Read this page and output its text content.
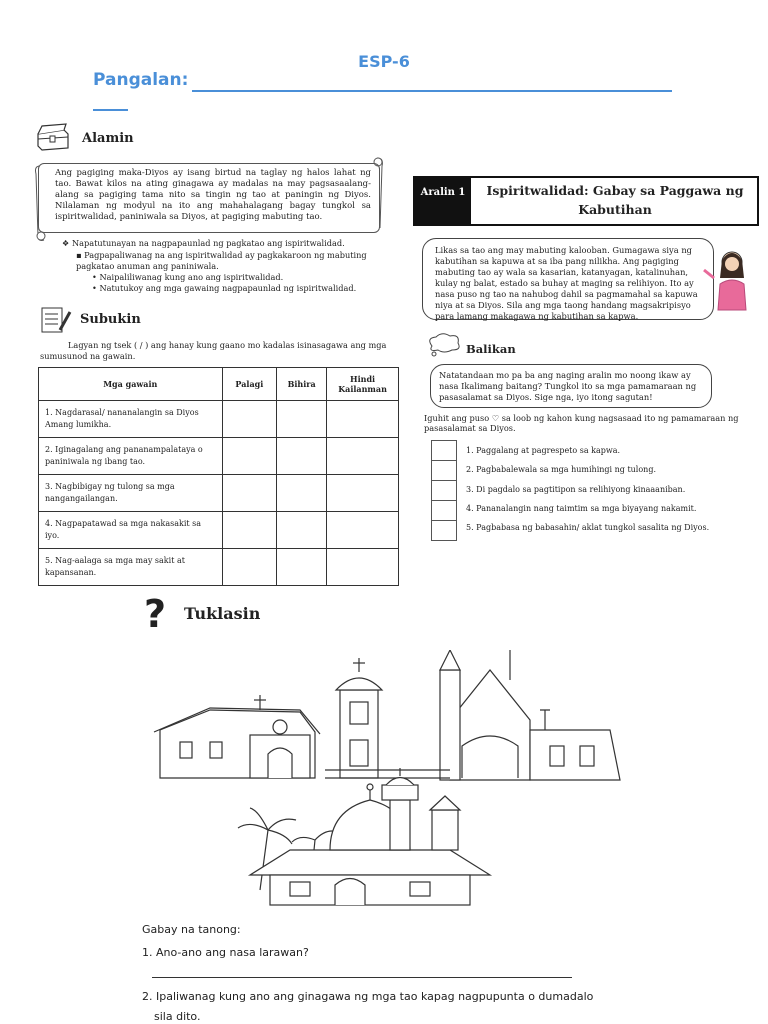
ESP-6
Pangalan:
Alamin
Ang pagiging maka-Diyos ay isang birtud na taglay ng halos lahat ng tao. Bawat kilos na ating ginagawa ay madalas na may pagsasaalang-alang sa pagiging tama nito sa tingin ng tao at paningin ng Diyos. Nilalaman ng modyul na ito ang mahahalagang bagay tungkol sa ispiritwalidad, paniniwala sa Diyos, at pagiging mabuting tao.
❖ Napatutunayan na nagpapaunlad ng pagkatao ang ispiritwalidad.
▪ Pagpapaliwanag na ang ispiritwalidad ay pagkakaroon ng mabuting pagkatao anuman ang paniniwala.
• Naipaliliwanag kung ano ang ispiritwalidad.
• Natutukoy ang mga gawaing nagpapaunlad ng ispiritwalidad.
Subukin
Lagyan ng tsek ( / ) ang hanay kung gaano mo kadalas isinasagawa ang mga sumusunod na gawain.
Mga gawain	Palagi	Bihira	Hindi Kailanman
1. Nagdarasal/ nananalangin sa Diyos Amang lumikha.			
2. Iginagalang ang pananampalataya o paniniwala ng ibang tao.			
3. Nagbibigay ng tulong sa mga nangangailangan.			
4. Nagpapatawad sa mga nakasakit sa iyo.			
5. Nag-aalaga sa mga may sakit at kapansanan.			
Aralin 1	Ispiritwalidad: Gabay sa Paggawa ng Kabutihan
Likas sa tao ang may mabuting kalooban. Gumagawa siya ng kabutihan sa kapuwa at sa iba pang nilikha. Ang pagiging mabuting tao ay wala sa kasarian, katanyagan, katalinuhan, kulay ng balat, estado sa buhay at maging sa relihiyon. Ito ay nasa puso ng tao na nahubog dahil sa pagmamahal sa kapuwa niya at sa Diyos. Sila ang mga taong handang magsakripisyo para lamang makagawa ng kabutihan sa kapwa.
Balikan
Natatandaan mo pa ba ang naging aralin mo noong ikaw ay nasa Ikalimang baitang? Tungkol ito sa mga pamamaraan ng pasasalamat sa Diyos. Sige nga, iyo itong sagutan!
Iguhit ang puso ♡ sa loob ng kahon kung nagsasaad ito ng pamamaraan ng pasasalamat sa Diyos.
1. Paggalang at pagrespeto sa kapwa.
2. Pagbabalewala sa mga humihingi ng tulong.
3. Di pagdalo sa pagtitipon sa relihiyong kinaaaniban.
4. Pananalangin nang taimtim sa mga biyayang nakamit.
5. Pagbabasa ng babasahin/ aklat tungkol sasalita ng Diyos.
? Tuklasin
Gabay na tanong:
1. Ano-ano ang nasa larawan?
2. Ipaliwanag kung ano ang ginagawa ng mga tao kapag nagpupunta o dumadalo
sila dito.
